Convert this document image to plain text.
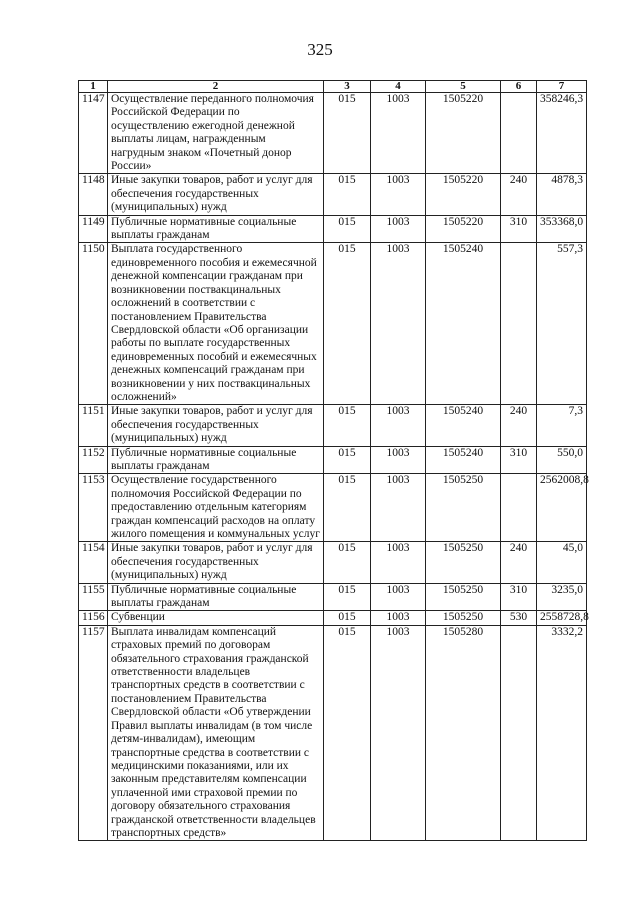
325
1	2	3	4	5	6	7
1147	Осуществление переданного полномочия Российской Федерации по осуществлению ежегодной денежной выплаты лицам, награжденным нагрудным знаком «Почетный донор России»	015	1003	1505220		358246,3
1148	Иные закупки товаров, работ и услуг для обеспечения государственных (муниципальных) нужд	015	1003	1505220	240	4878,3
1149	Публичные нормативные социальные выплаты гражданам	015	1003	1505220	310	353368,0
1150	Выплата государственного единовременного пособия и ежемесячной денежной компенсации гражданам при возникновении поствакцинальных осложнений в соответствии с постановлением Правительства Свердловской области «Об организации работы по выплате государственных единовременных пособий и ежемесячных денежных компенсаций гражданам при возникновении у них поствакцинальных осложнений»	015	1003	1505240		557,3
1151	Иные закупки товаров, работ и услуг для обеспечения государственных (муниципальных) нужд	015	1003	1505240	240	7,3
1152	Публичные нормативные социальные выплаты гражданам	015	1003	1505240	310	550,0
1153	Осуществление государственного полномочия Российской Федерации по предоставлению отдельным категориям граждан компенсаций расходов на оплату жилого помещения и коммунальных услуг	015	1003	1505250		2562008,8
1154	Иные закупки товаров, работ и услуг для обеспечения государственных (муниципальных) нужд	015	1003	1505250	240	45,0
1155	Публичные нормативные социальные выплаты гражданам	015	1003	1505250	310	3235,0
1156	Субвенции	015	1003	1505250	530	2558728,8
1157	Выплата инвалидам компенсаций страховых премий по договорам обязательного страхования гражданской ответственности владельцев транспортных средств в соответствии с постановлением Правительства Свердловской области «Об утверждении Правил выплаты инвалидам (в том числе детям-инвалидам), имеющим транспортные средства в соответствии с медицинскими показаниями, или их законным представителям компенсации уплаченной ими страховой премии по договору обязательного страхования гражданской ответственности владельцев транспортных средств»	015	1003	1505280		3332,2
